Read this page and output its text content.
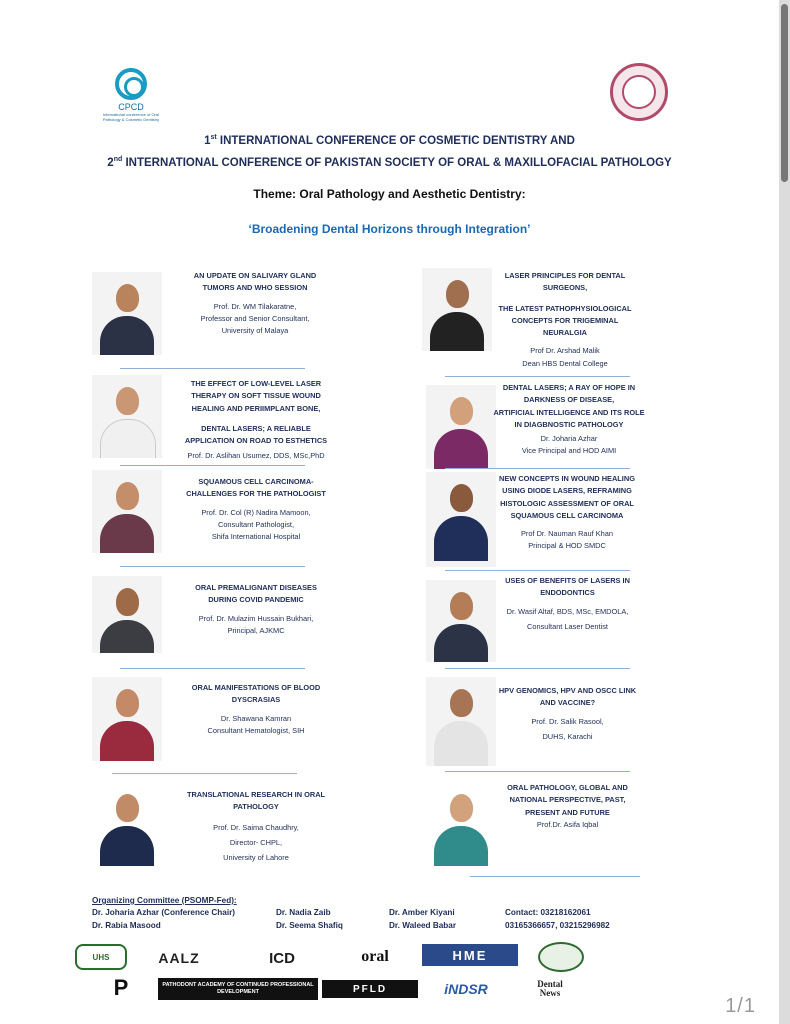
CPCD
International conference of Oral Pathology & Cosmetic Dentistry
1st INTERNATIONAL CONFERENCE OF COSMETIC DENTISTRY AND
2nd INTERNATIONAL CONFERENCE OF PAKISTAN SOCIETY OF ORAL & MAXILLOFACIAL PATHOLOGY
Theme: Oral Pathology and Aesthetic Dentistry:
‘Broadening Dental Horizons through Integration’
AN UPDATE ON SALIVARY GLAND
TUMORS AND WHO SESSION
Prof. Dr. WM Tilakaratne,
Professor and Senior Consultant,
University of Malaya
THE EFFECT OF LOW-LEVEL LASER
THERAPY ON SOFT TISSUE WOUND
HEALING AND PERIIMPLANT BONE,
DENTAL LASERS; A RELIABLE
APPLICATION ON ROAD TO ESTHETICS
Prof. Dr. Aslihan Usumez, DDS, MSc,PhD
SQUAMOUS CELL CARCINOMA-
CHALLENGES FOR THE PATHOLOGIST
Prof. Dr. Col (R) Nadira Mamoon,
Consultant Pathologist,
Shifa International Hospital
ORAL PREMALIGNANT DISEASES
DURING COVID PANDEMIC
Prof. Dr. Mulazim Hussain Bukhari,
Principal, AJKMC
ORAL MANIFESTATIONS OF BLOOD
DYSCRASIAS
Dr. Shawana Kamran
Consultant Hematologist, SIH
TRANSLATIONAL RESEARCH IN ORAL
PATHOLOGY
Prof. Dr. Saima Chaudhry,
Director- CHPL,
University of Lahore
LASER PRINCIPLES FOR DENTAL
SURGEONS,
THE LATEST PATHOPHYSIOLOGICAL
CONCEPTS FOR TRIGEMINAL
NEURALGIA
Prof Dr. Arshad Malik
Dean HBS Dental College
DENTAL LASERS; A RAY OF HOPE IN
DARKNESS OF DISEASE,
ARTIFICIAL INTELLIGENCE AND ITS ROLE
IN DIAGBNOSTIC PATHOLOGY
Dr. Joharia Azhar
Vice Principal and HOD AIMI
NEW CONCEPTS IN WOUND HEALING
USING DIODE LASERS, REFRAMING
HISTOLOGIC ASSESSMENT OF ORAL
SQUAMOUS CELL CARCINOMA
Prof Dr. Nauman Rauf Khan
Principal & HOD SMDC
USES OF BENEFITS OF LASERS IN
ENDODONTICS
Dr. Wasif Altaf, BDS, MSc, EMDOLA,
Consultant Laser Dentist
HPV GENOMICS, HPV AND OSCC LINK
AND VACCINE?
Prof. Dr. Salik Rasool,
DUHS, Karachi
ORAL PATHOLOGY, GLOBAL AND
NATIONAL PERSPECTIVE, PAST,
PRESENT AND FUTURE
Prof.Dr. Asifa Iqbal
Organizing Committee (PSOMP-Fed):
Dr. Joharia Azhar (Conference Chair)
Dr. Rabia Masood
Dr. Nadia Zaib
Dr. Seema Shafiq
Dr. Amber Kiyani
Dr. Waleed Babar
Contact: 03218162061
03165366657, 03215296982
UHS	AALZ	ICD	oral	HME
P	PATHODONT ACADEMY OF CONTINUED PROFESSIONAL DEVELOPMENT	PFLD	iNDSR	Dental News
1/1
